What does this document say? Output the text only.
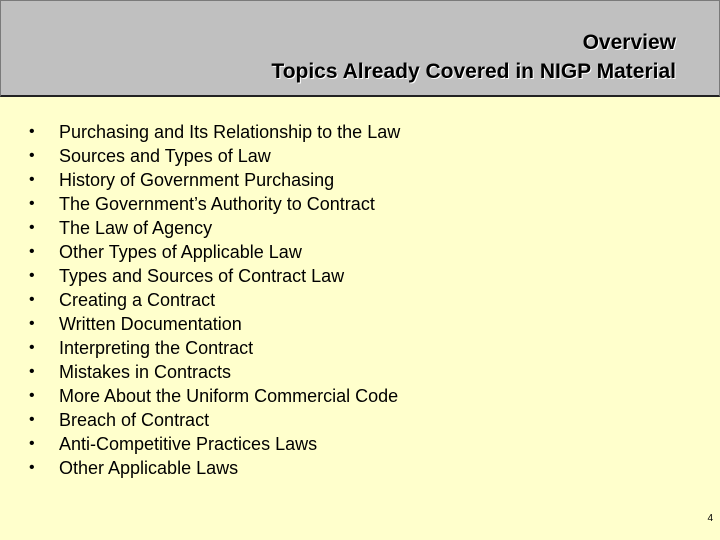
Overview
Topics Already Covered in NIGP Material
•	Purchasing and Its Relationship to the Law
•	Sources and Types of Law
•	History of Government Purchasing
•	The Government’s Authority to Contract
•	The Law of Agency
•	Other Types of Applicable Law
•	Types and Sources of Contract Law
•	Creating a Contract
•	Written Documentation
•	Interpreting the Contract
•	Mistakes in Contracts
•	More About the Uniform Commercial Code
•	Breach of Contract
•	Anti-Competitive Practices Laws
•	Other Applicable Laws
4
